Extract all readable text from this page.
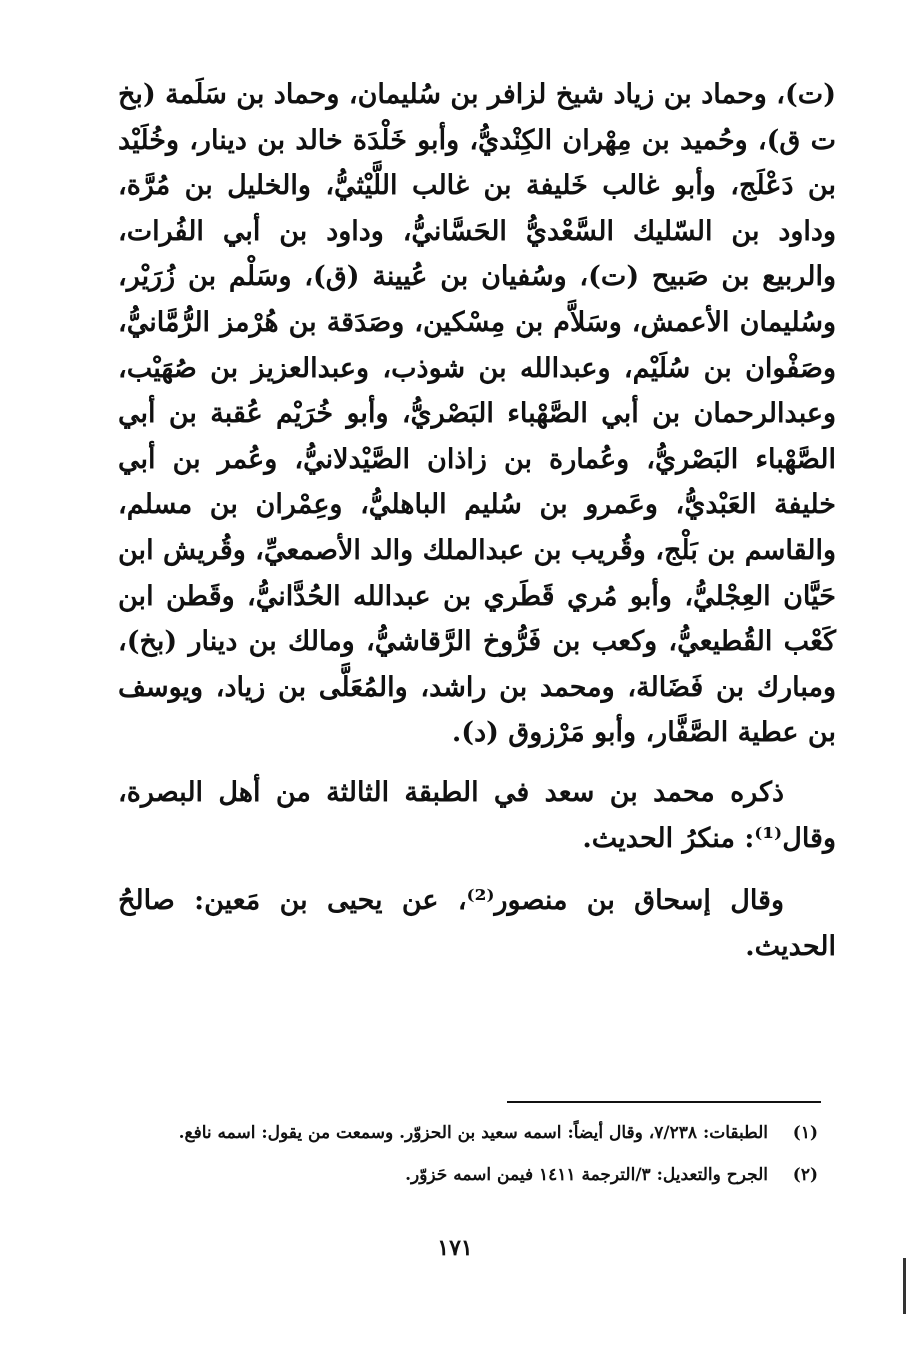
(ت)، وحماد بن زياد شيخ لزافر بن سُليمان، وحماد بن سَلَمة (بخ ت ق)، وحُميد بن مِهْران الكِنْديُّ، وأبو خَلْدَة خالد بن دينار، وخُلَيْد بن دَعْلَج، وأبو غالب خَليفة بن غالب اللَّيْثيُّ، والخليل بن مُرَّة، وداود بن السّليك السَّعْديُّ الحَسَّانيُّ، وداود بن أبي الفُرات، والربيع بن صَبيح (ت)، وسُفيان بن عُيينة (ق)، وسَلْم بن زُرَيْر، وسُليمان الأعمش، وسَلاَّم بن مِسْكين، وصَدَقة بن هُرْمز الرُّمَّانيُّ، وصَفْوان بن سُلَيْم، وعبدالله بن شوذب، وعبدالعزيز بن صُهَيْب، وعبدالرحمان بن أبي الصَّهْباء البَصْريُّ، وأبو خُرَيْم عُقبة بن أبي الصَّهْباء البَصْريُّ، وعُمارة بن زاذان الصَّيْدلانيُّ، وعُمر بن أبي خليفة العَبْديُّ، وعَمرو بن سُليم الباهليُّ، وعِمْران بن مسلم، والقاسم بن بَلْج، وقُريب بن عبدالملك والد الأصمعيِّ، وقُريش ابن حَيَّان العِجْليُّ، وأبو مُري قَطَري بن عبدالله الحُدَّانيُّ، وقَطن ابن كَعْب القُطيعيُّ، وكعب بن فَرُّوخ الرَّقاشيُّ، ومالك بن دينار (بخ)، ومبارك بن فَضَالة، ومحمد بن راشد، والمُعَلَّى بن زياد، ويوسف بن عطية الصَّفَّار، وأبو مَرْزوق (د).

ذكره محمد بن سعد في الطبقة الثالثة من أهل البصرة، وقال⁽¹⁾: منكرُ الحديث.

وقال إسحاق بن منصور⁽²⁾، عن يحيى بن مَعين: صالحُ الحديث.

(١)
الطبقات: ٧/٢٣٨، وقال أيضاً: اسمه سعيد بن الحزوّر. وسمعت من يقول: اسمه نافع.

(٢)
الجرح والتعديل: ٣/الترجمة ١٤١١ فيمن اسمه حَزوّر.

١٧١
